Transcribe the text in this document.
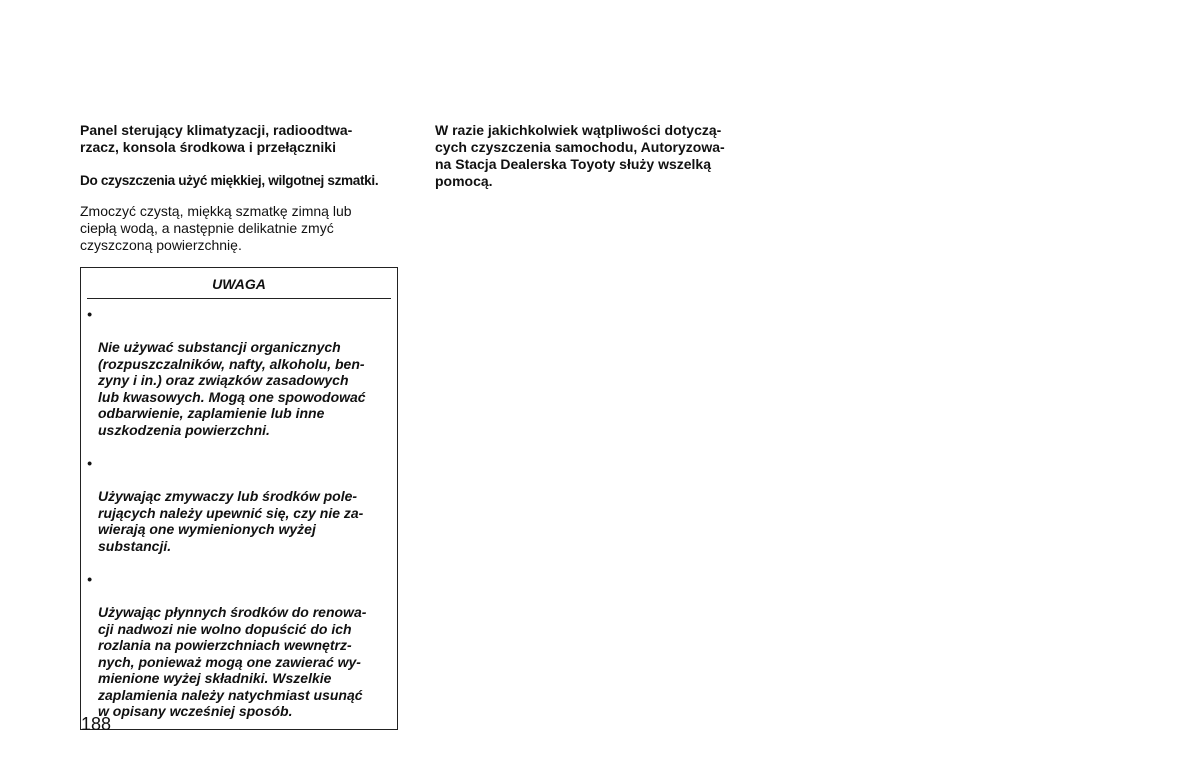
Panel sterujący klimatyzacji, radioodtwa-
rzacz, konsola środkowa i przełączniki

Do czyszczenia użyć miękkiej, wilgotnej szmatki.

Zmoczyć czystą, miękką szmatkę zimną lub
ciepłą wodą, a następnie delikatnie zmyć
czyszczoną powierzchnię.

UWAGA

•

Nie używać substancji organicznych
(rozpuszczalników, nafty, alkoholu, ben-
zyny i in.) oraz związków zasadowych
lub kwasowych. Mogą one spowodować
odbarwienie, zaplamienie lub inne
uszkodzenia powierzchni.

•

Używając zmywaczy lub środków pole-
rujących należy upewnić się, czy nie za-
wierają one wymienionych wyżej
substancji.

•

Używając płynnych środków do renowa-
cji nadwozi nie wolno dopuścić do ich
rozlania na powierzchniach wewnętrz-
nych, ponieważ mogą one zawierać wy-
mienione wyżej składniki. Wszelkie
zaplamienia należy natychmiast usunąć
w opisany wcześniej sposób.

W razie jakichkolwiek wątpliwości dotyczą-
cych czyszczenia samochodu, Autoryzowa-
na Stacja Dealerska Toyoty służy wszelką
pomocą.

188
